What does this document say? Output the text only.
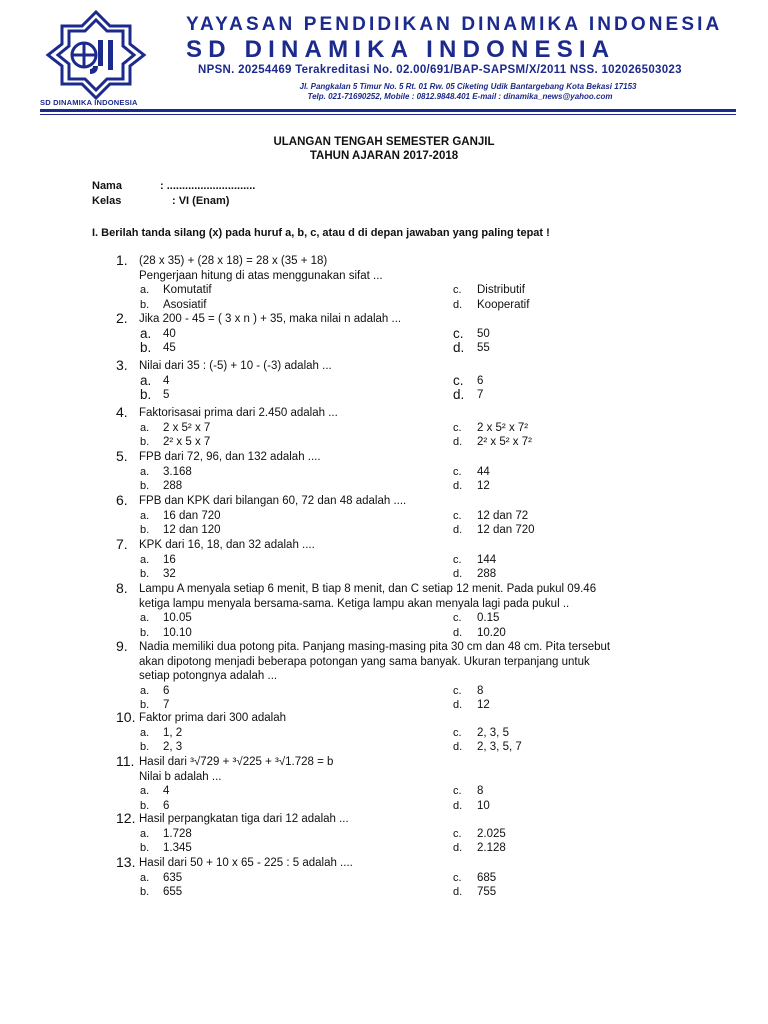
SD DINAMIKA INDONESIA
YAYASAN PENDIDIKAN DINAMIKA INDONESIA
SD DINAMIKA INDONESIA
NPSN. 20254469 Terakreditasi No. 02.00/691/BAP-SAPSM/X/2011 NSS. 102026503023
Jl. Pangkalan 5 Timur No. 5 Rt. 01 Rw. 05 Ciketing Udik Bantargebang Kota Bekasi 17153
Telp. 021-71690252, Mobile : 0812.9848.401 E-mail : dinamika_news@yahoo.com
ULANGAN TENGAH SEMESTER GANJIL
TAHUN AJARAN 2017-2018
Nama	: .............................
Kelas	: VI (Enam)
I. Berilah tanda silang (x) pada huruf a, b, c, atau d di depan jawaban yang paling tepat !
1. (28 x 35) + (28 x 18) = 28 x (35 + 18)
Pengerjaan hitung di atas menggunakan sifat ...
a. Komutatif	c. Distributif
b. Asosiatif	d. Kooperatif
2. Jika 200 - 45 = ( 3 x n ) + 35, maka nilai n adalah ...
a. 40	c. 50
b. 45	d. 55
3. Nilai dari 35 : (-5) + 10 - (-3) adalah ...
a. 4	c. 6
b. 5	d. 7
4. Faktorisasai prima dari 2.450 adalah ...
a. 2 x 5² x 7	c. 2 x 5² x 7²
b. 2² x 5 x 7	d. 2² x 5² x 7²
5. FPB dari 72, 96, dan 132 adalah ....
a. 3.168	c. 44
b. 288	d. 12
6. FPB dan KPK dari bilangan 60, 72 dan 48 adalah ....
a. 16 dan 720	c. 12 dan 72
b. 12 dan 120	d. 12 dan 720
7. KPK dari 16, 18, dan 32 adalah ....
a. 16	c. 144
b. 32	d. 288
8. Lampu A menyala setiap 6 menit, B tiap 8 menit, dan C setiap 12 menit. Pada pukul 09.46
ketiga lampu menyala bersama-sama. Ketiga lampu akan menyala lagi pada pukul ..
a. 10.05	c. 0.15
b. 10.10	d. 10.20
9. Nadia memiliki dua potong pita. Panjang masing-masing pita 30 cm dan 48 cm. Pita tersebut
akan dipotong menjadi beberapa potongan yang sama banyak. Ukuran terpanjang untuk
setiap potongnya adalah ...
a. 6	c. 8
b. 7	d. 12
10. Faktor prima dari 300 adalah
a. 1, 2	c. 2, 3, 5
b. 2, 3	d. 2, 3, 5, 7
11. Hasil dari ³√729 + ³√225 + ³√1.728 = b
Nilai b adalah ...
a. 4	c. 8
b. 6	d. 10
12. Hasil perpangkatan tiga dari 12 adalah ...
a. 1.728	c. 2.025
b. 1.345	d. 2.128
13. Hasil dari 50 + 10 x 65 - 225 : 5 adalah ....
a. 635	c. 685
b. 655	d. 755
